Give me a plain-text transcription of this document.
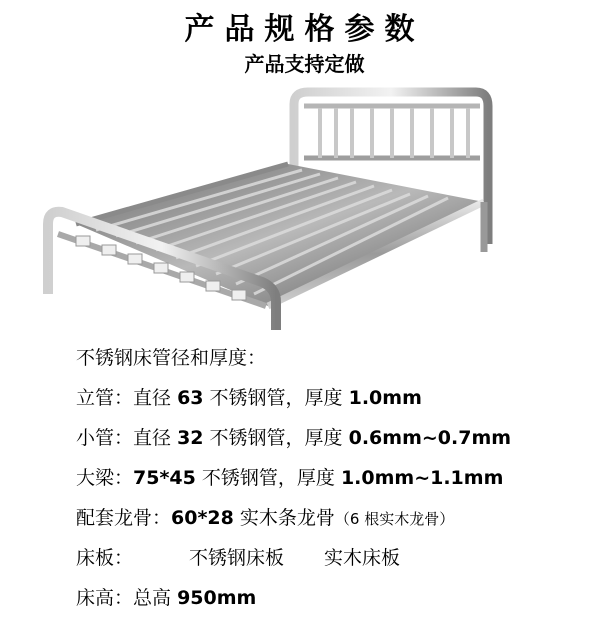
产品规格参数
产品支持定做
不锈钢床管径和厚度：
立管：直径 63 不锈钢管，厚度 1.0mm
小管：直径 32 不锈钢管，厚度 0.6mm~0.7mm
大梁：75*45 不锈钢管，厚度 1.0mm~1.1mm
配套龙骨：60*28 实木条龙骨（6 根实木龙骨）
床板：	不锈钢床板 实木床板
床高：总高 950mm
